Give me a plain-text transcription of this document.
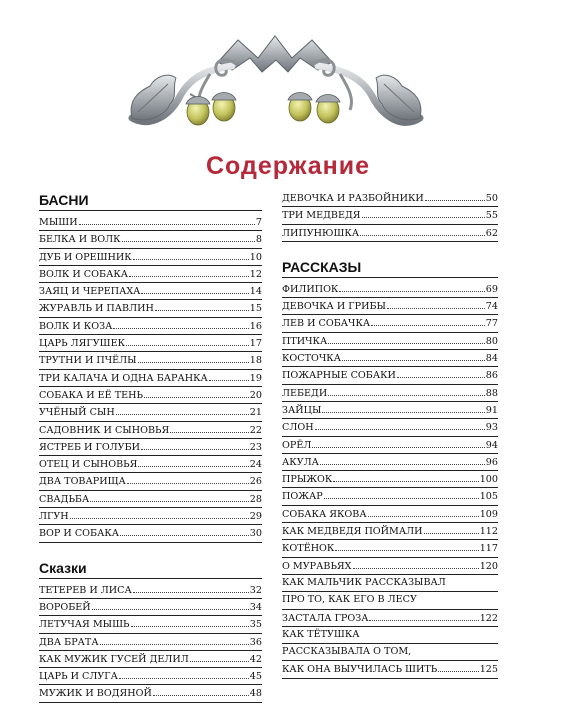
Содержание
БАСНИ
МЫШИ	7
БЕЛКА И ВОЛК	8
ДУБ И ОРЕШНИК	10
ВОЛК И СОБАКА	12
ЗАЯЦ И ЧЕРЕПАХА	14
ЖУРАВЛЬ И ПАВЛИН	15
ВОЛК И КОЗА	16
ЦАРЬ ЛЯГУШЕК	17
ТРУТНИ И ПЧЁЛЫ	18
ТРИ КАЛАЧА И ОДНА БАРАНКА	19
СОБАКА И ЕЁ ТЕНЬ	20
УЧЁНЫЙ СЫН	21
САДОВНИК И СЫНОВЬЯ	22
ЯСТРЕБ И ГОЛУБИ	23
ОТЕЦ И СЫНОВЬЯ	24
ДВА ТОВАРИЩА	26
СВАДЬБА	28
ЛГУН	29
ВОР И СОБАКА	30
Сказки
ТЕТЕРЕВ И ЛИСА	32
ВОРОБЕЙ	34
ЛЕТУЧАЯ МЫШЬ	35
ДВА БРАТА	36
КАК МУЖИК ГУСЕЙ ДЕЛИЛ	42
ЦАРЬ И СЛУГА	45
МУЖИК И ВОДЯНОЙ	48
ДЕВОЧКА И РАЗБОЙНИКИ	50
ТРИ МЕДВЕДЯ	55
ЛИПУНЮШКА	62
РАССКАЗЫ
ФИЛИПОК	69
ДЕВОЧКА И ГРИБЫ	74
ЛЕВ И СОБАЧКА	77
ПТИЧКА	80
КОСТОЧКА	84
ПОЖАРНЫЕ СОБАКИ	86
ЛЕБЕДИ	88
ЗАЙЦЫ	91
СЛОН	93
ОРЁЛ	94
АКУЛА	96
ПРЫЖОК	100
ПОЖАР	105
СОБАКА ЯКОВА	109
КАК МЕДВЕДЯ ПОЙМАЛИ	112
КОТЁНОК	117
О МУРАВЬЯХ	120
КАК МАЛЬЧИК РАССКАЗЫВАЛ
ПРО ТО, КАК ЕГО В ЛЕСУ
ЗАСТАЛА ГРОЗА	122
КАК ТЁТУШКА
РАССКАЗЫВАЛА О ТОМ,
КАК ОНА ВЫУЧИЛАСЬ ШИТЬ	125
